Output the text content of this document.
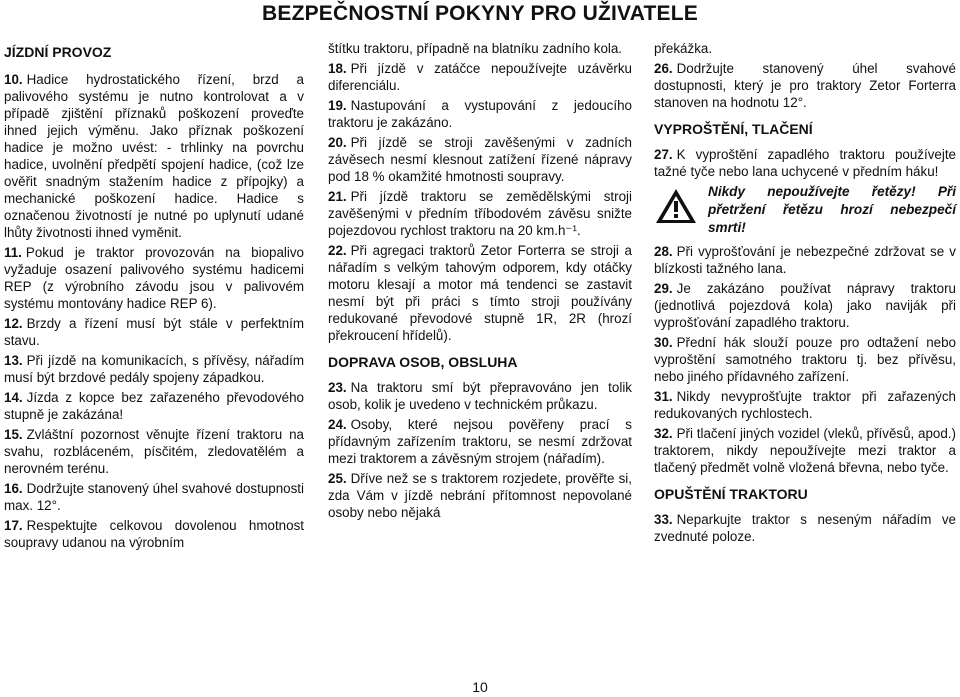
BEZPEČNOSTNÍ POKYNY PRO UŽIVATELE

JÍZDNÍ PROVOZ

10. Hadice hydrostatického řízení, brzd a palivového systému je nutno kontrolovat a v případě zjištění příznaků poškození proveďte ihned jejich výměnu. Jako příznak poškození hadice je možno uvést: - trhlinky na povrchu hadice, uvolnění předpětí spojení hadice, (což lze ověřit snadným stažením hadice z přípojky) a mechanické poškození hadice. Hadice s označenou životností je nutné po uplynutí udané lhůty životnosti ihned vyměnit.

11. Pokud je traktor provozován na biopalivo vyžaduje osazení palivového systému hadicemi REP (z výrobního závodu jsou v palivovém systému montovány hadice REP 6).

12. Brzdy a řízení musí být stále v perfektním stavu.

13. Při jízdě na komunikacích, s přívěsy, nářadím musí být brzdové pedály spojeny západkou.

14. Jízda z kopce bez zařazeného převodového stupně je zakázána!

15. Zvláštní pozornost věnujte řízení traktoru na svahu, rozbláceném, písčitém, zledovatělém a nerovném terénu.

16. Dodržujte stanovený úhel svahové dostupnosti max. 12°.

17. Respektujte celkovou dovolenou hmotnost soupravy udanou na výrobním

štítku traktoru, případně na blatníku zadního kola.

18. Při jízdě v zatáčce nepoužívejte uzávěrku diferenciálu.

19. Nastupování a vystupování z jedoucího traktoru je zakázáno.

20. Při jízdě se stroji zavěšenými v zadních závěsech nesmí klesnout zatížení řízené nápravy pod 18 % okamžité hmotnosti soupravy.

21. Při jízdě traktoru se zemědělskými stroji zavěšenými v předním tříbodovém závěsu snižte pojezdovou rychlost traktoru na 20 km.h⁻¹.

22. Při agregaci traktorů Zetor Forterra se stroji a nářadím s velkým tahovým odporem, kdy otáčky motoru klesají a motor má tendenci se zastavit nesmí být při práci s tímto stroji používány redukované převodové stupně 1R, 2R (hrozí překroucení hřídelů).

DOPRAVA OSOB, OBSLUHA

23. Na traktoru smí být přepravováno jen tolik osob, kolik je uvedeno v technickém průkazu.

24. Osoby, které nejsou pověřeny prací s přídavným zařízením traktoru, se nesmí zdržovat mezi traktorem a závěsným strojem (nářadím).

25. Dříve než se s traktorem rozjedete, prověřte si, zda Vám v jízdě nebrání přítomnost nepovolané osoby nebo nějaká

překážka.

26. Dodržujte stanovený úhel svahové dostupnosti, který je pro traktory Zetor Forterra stanoven na hodnotu 12°.

VYPROŠTĚNÍ, TLAČENÍ

27. K vyproštění zapadlého traktoru používejte tažné tyče nebo lana uchycené v předním háku!

Nikdy nepoužívejte řetězy! Při přetržení řetězu hrozí nebezpečí smrti!

28. Při vyprošťování je nebezpečné zdržovat se v blízkosti tažného lana.

29. Je zakázáno používat nápravy traktoru (jednotlivá pojezdová kola) jako naviják při vyprošťování zapadlého traktoru.

30. Přední hák slouží pouze pro odtažení nebo vyproštění samotného traktoru tj. bez přívěsu, nebo jiného přídavného zařízení.

31. Nikdy nevyprošťujte traktor při zařazených redukovaných rychlostech.

32. Při tlačení jiných vozidel (vleků, přívěsů, apod.) traktorem, nikdy nepoužívejte mezi traktor a tlačený předmět volně vložená břevna, nebo tyče.

OPUŠTĚNÍ TRAKTORU

33. Neparkujte traktor s neseným nářadím ve zvednuté poloze.

10
